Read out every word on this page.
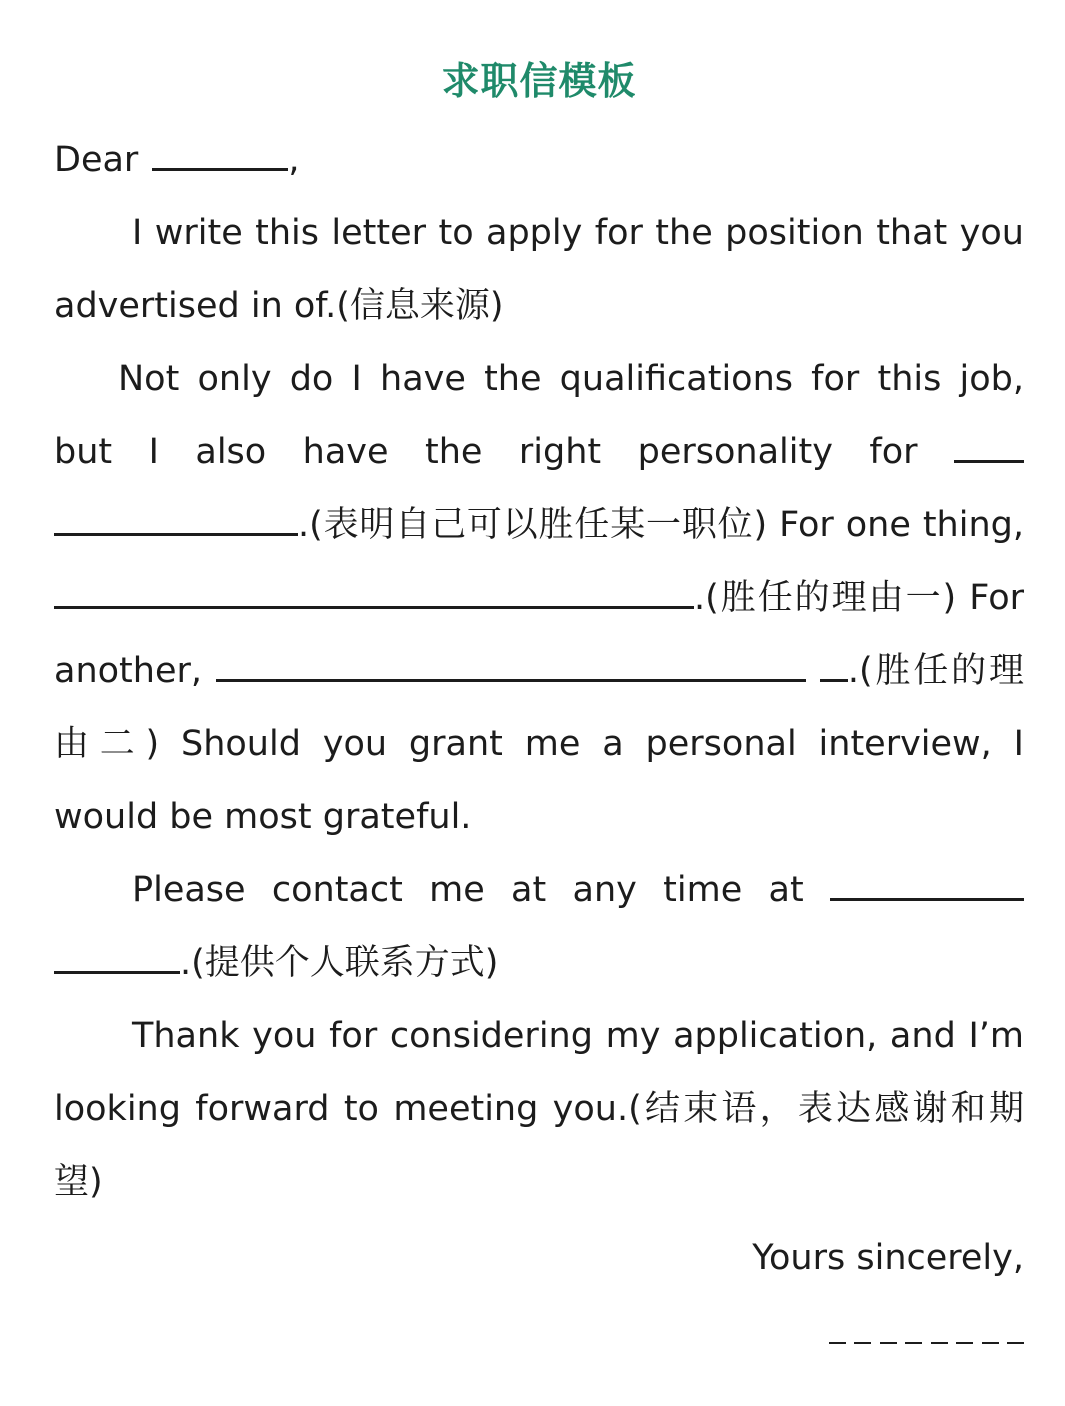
求职信模板

Dear	,

I write this letter to apply for the position that you advertised in of.(信息来源)

Not only do I have the qualifications for this job, but I also have the right personality for  .(表明自己可以胜任某一职位) For one thing, .(胜任的理由一) For another,	.(胜任的理由二) Should you grant me a personal interview, I would be most grateful.

Please contact me at any time at  .(提供个人联系方式)

Thank you for considering my application, and I’m looking forward to meeting you.(结束语，表达感谢和期望)

Yours sincerely,
